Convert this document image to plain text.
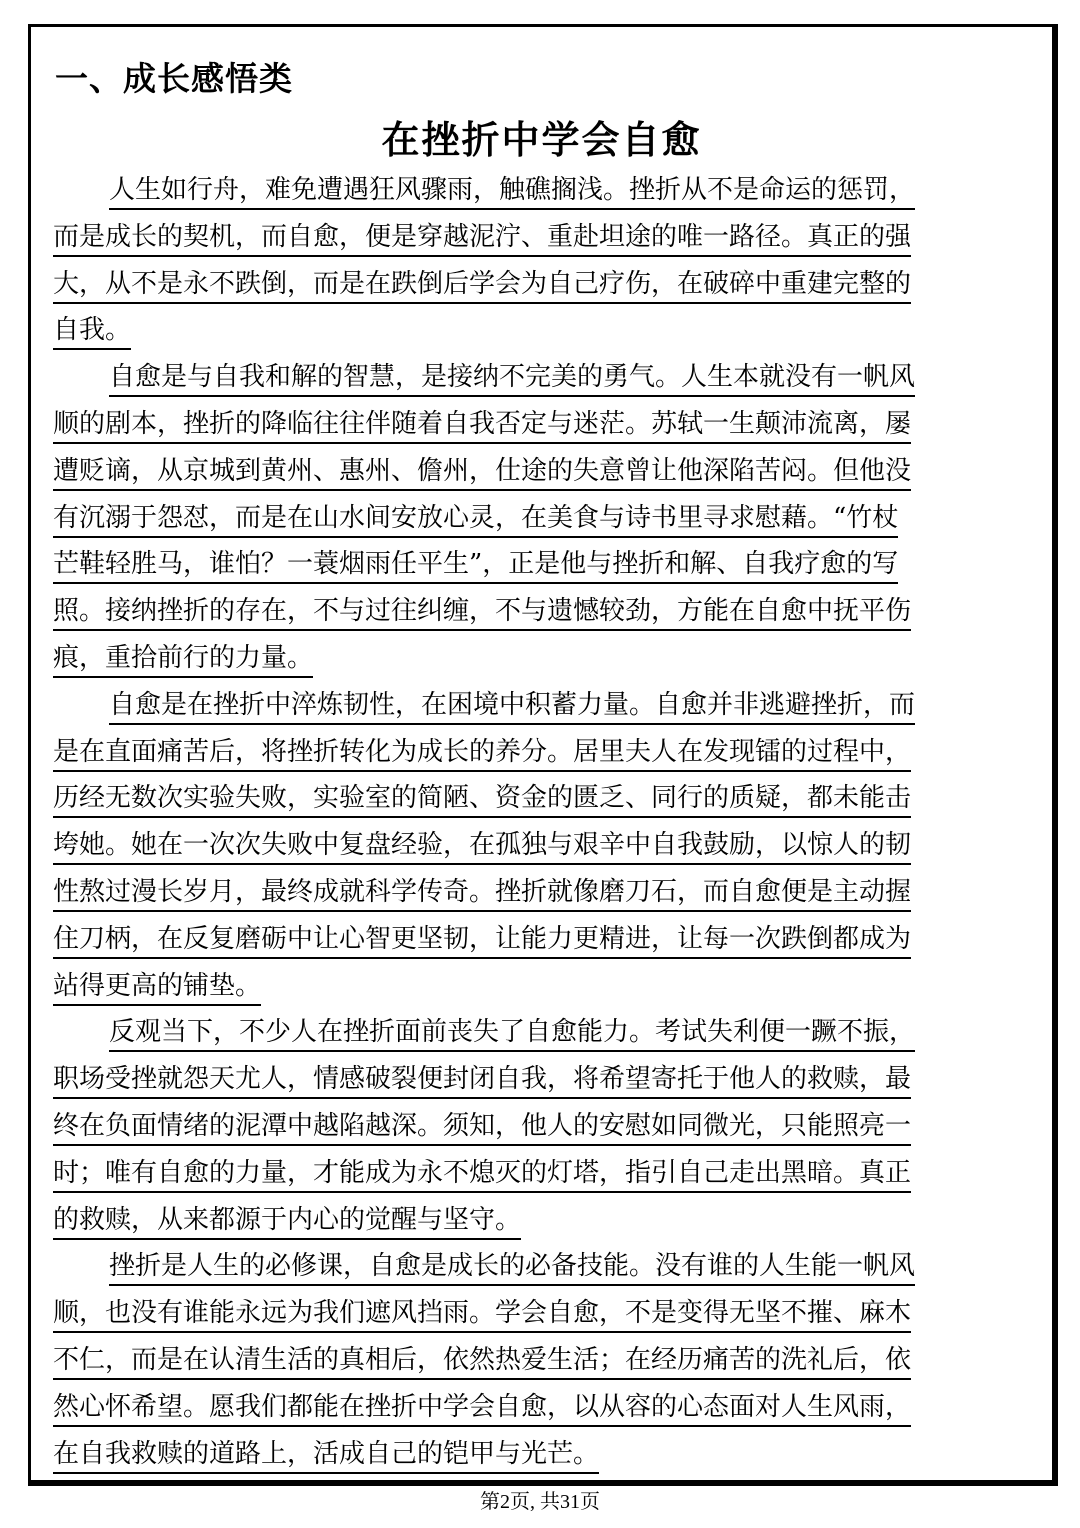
一、成长感悟类
在挫折中学会自愈
人生如行舟，难免遭遇狂风骤雨，触礁搁浅。挫折从不是命运的惩罚，
而是成长的契机，而自愈，便是穿越泥泞、重赴坦途的唯一路径。真正的强
大，从不是永不跌倒，而是在跌倒后学会为自己疗伤，在破碎中重建完整的
自我。
自愈是与自我和解的智慧，是接纳不完美的勇气。人生本就没有一帆风
顺的剧本，挫折的降临往往伴随着自我否定与迷茫。苏轼一生颠沛流离，屡
遭贬谪，从京城到黄州、惠州、儋州，仕途的失意曾让他深陷苦闷。但他没
有沉溺于怨怼，而是在山水间安放心灵，在美食与诗书里寻求慰藉。“竹杖
芒鞋轻胜马，谁怕？一蓑烟雨任平生”，正是他与挫折和解、自我疗愈的写
照。接纳挫折的存在，不与过往纠缠，不与遗憾较劲，方能在自愈中抚平伤
痕，重拾前行的力量。
自愈是在挫折中淬炼韧性，在困境中积蓄力量。自愈并非逃避挫折，而
是在直面痛苦后，将挫折转化为成长的养分。居里夫人在发现镭的过程中，
历经无数次实验失败，实验室的简陋、资金的匮乏、同行的质疑，都未能击
垮她。她在一次次失败中复盘经验，在孤独与艰辛中自我鼓励，以惊人的韧
性熬过漫长岁月，最终成就科学传奇。挫折就像磨刀石，而自愈便是主动握
住刀柄，在反复磨砺中让心智更坚韧，让能力更精进，让每一次跌倒都成为
站得更高的铺垫。
反观当下，不少人在挫折面前丧失了自愈能力。考试失利便一蹶不振，
职场受挫就怨天尤人，情感破裂便封闭自我，将希望寄托于他人的救赎，最
终在负面情绪的泥潭中越陷越深。须知，他人的安慰如同微光，只能照亮一
时；唯有自愈的力量，才能成为永不熄灭的灯塔，指引自己走出黑暗。真正
的救赎，从来都源于内心的觉醒与坚守。
挫折是人生的必修课，自愈是成长的必备技能。没有谁的人生能一帆风
顺，也没有谁能永远为我们遮风挡雨。学会自愈，不是变得无坚不摧、麻木
不仁，而是在认清生活的真相后，依然热爱生活；在经历痛苦的洗礼后，依
然心怀希望。愿我们都能在挫折中学会自愈，以从容的心态面对人生风雨，
在自我救赎的道路上，活成自己的铠甲与光芒。
第2页, 共31页
